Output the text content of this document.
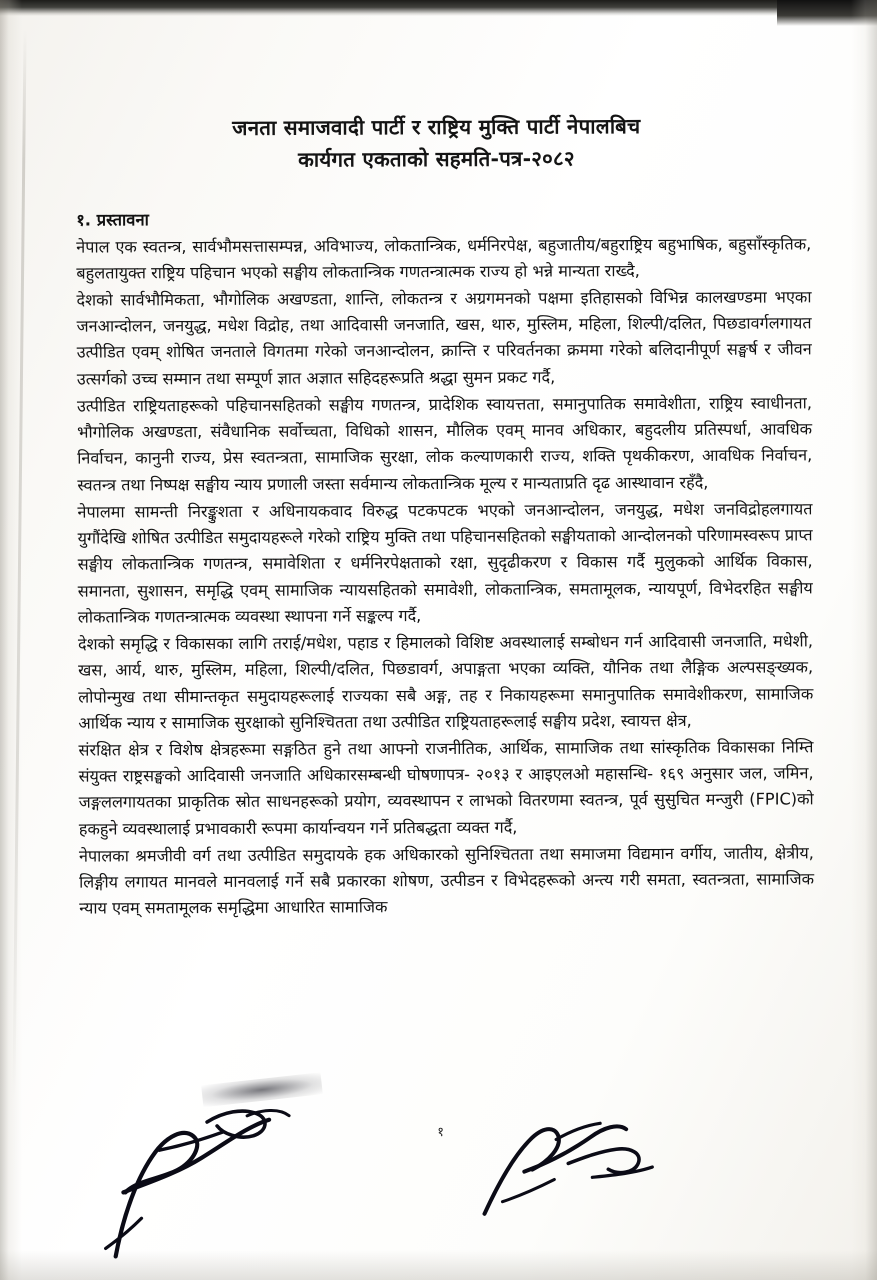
जनता समाजवादी पार्टी र राष्ट्रिय मुक्ति पार्टी नेपालबिच
कार्यगत एकताको सहमति-पत्र-२०८२
१. प्रस्तावना

नेपाल एक स्वतन्त्र, सार्वभौमसत्तासम्पन्न, अविभाज्य, लोकतान्त्रिक, धर्मनिरपेक्ष, बहुजातीय/बहुराष्ट्रिय बहुभाषिक, बहुसाँस्कृतिक, बहुलतायुक्त राष्ट्रिय पहिचान भएको सङ्घीय लोकतान्त्रिक गणतन्त्रात्मक राज्य हो भन्ने मान्यता राख्दै,

देशको सार्वभौमिकता, भौगोलिक अखण्डता, शान्ति, लोकतन्त्र र अग्रगमनको पक्षमा इतिहासको विभिन्न कालखण्डमा भएका जनआन्दोलन, जनयुद्ध, मधेश विद्रोह, तथा आदिवासी जनजाति, खस, थारु, मुस्लिम, महिला, शिल्पी/दलित, पिछडावर्गलगायत उत्पीडित एवम् शोषित जनताले विगतमा गरेको जनआन्दोलन, क्रान्ति र परिवर्तनका क्रममा गरेको बलिदानीपूर्ण सङ्घर्ष र जीवन उत्सर्गको उच्च सम्मान तथा सम्पूर्ण ज्ञात अज्ञात सहिदहरूप्रति श्रद्धा सुमन प्रकट गर्दै,

उत्पीडित राष्ट्रियताहरूको पहिचानसहितको सङ्घीय गणतन्त्र, प्रादेशिक स्वायत्तता, समानुपातिक समावेशीता, राष्ट्रिय स्वाधीनता, भौगोलिक अखण्डता, संवैधानिक सर्वोच्चता, विधिको शासन, मौलिक एवम् मानव अधिकार, बहुदलीय प्रतिस्पर्धा, आवधिक निर्वाचन, कानुनी राज्य, प्रेस स्वतन्त्रता, सामाजिक सुरक्षा, लोक कल्याणकारी राज्य, शक्ति पृथकीकरण, आवधिक निर्वाचन, स्वतन्त्र तथा निष्पक्ष सङ्घीय न्याय प्रणाली जस्ता सर्वमान्य लोकतान्त्रिक मूल्य र मान्यताप्रति दृढ आस्थावान रहँदै,

नेपालमा सामन्ती निरङ्कुशता र अधिनायकवाद विरुद्ध पटकपटक भएको जनआन्दोलन, जनयुद्ध, मधेश जनविद्रोहलगायत युगौंदेखि शोषित उत्पीडित समुदायहरूले गरेको राष्ट्रिय मुक्ति तथा पहिचानसहितको सङ्घीयताको आन्दोलनको परिणामस्वरूप प्राप्त सङ्घीय लोकतान्त्रिक गणतन्त्र, समावेशिता र धर्मनिरपेक्षताको रक्षा, सुदृढीकरण र विकास गर्दै मुलुकको आर्थिक विकास, समानता, सुशासन, समृद्धि एवम् सामाजिक न्यायसहितको समावेशी, लोकतान्त्रिक, समतामूलक, न्यायपूर्ण, विभेदरहित सङ्घीय लोकतान्त्रिक गणतन्त्रात्मक व्यवस्था स्थापना गर्ने सङ्कल्प गर्दै,

देशको समृद्धि र विकासका लागि तराई/मधेश, पहाड र हिमालको विशिष्ट अवस्थालाई सम्बोधन गर्न आदिवासी जनजाति, मधेशी, खस, आर्य, थारु, मुस्लिम, महिला, शिल्पी/दलित, पिछडावर्ग, अपाङ्गता भएका व्यक्ति, यौनिक तथा लैङ्गिक अल्पसङ्ख्यक, लोपोन्मुख तथा सीमान्तकृत समुदायहरूलाई राज्यका सबै अङ्ग, तह र निकायहरूमा समानुपातिक समावेशीकरण, सामाजिक आर्थिक न्याय र सामाजिक सुरक्षाको सुनिश्चितता तथा उत्पीडित राष्ट्रियताहरूलाई सङ्घीय प्रदेश, स्वायत्त क्षेत्र,

संरक्षित क्षेत्र र विशेष क्षेत्रहरूमा सङ्गठित हुने तथा आफ्नो राजनीतिक, आर्थिक, सामाजिक तथा सांस्कृतिक विकासका निम्ति संयुक्त राष्ट्रसङ्घको आदिवासी जनजाति अधिकारसम्बन्धी घोषणापत्र- २०१३ र आइएलओ महासन्धि- १६९ अनुसार जल, जमिन, जङ्गललगायतका प्राकृतिक स्रोत साधनहरूको प्रयोग, व्यवस्थापन र लाभको वितरणमा स्वतन्त्र, पूर्व सुसुचित मन्जुरी (FPIC)को हकहुने व्यवस्थालाई प्रभावकारी रूपमा कार्यान्वयन गर्ने प्रतिबद्धता व्यक्त गर्दै,

नेपालका श्रमजीवी वर्ग तथा उत्पीडित समुदायके हक अधिकारको सुनिश्चितता तथा समाजमा विद्यमान वर्गीय, जातीय, क्षेत्रीय, लिङ्गीय लगायत मानवले मानवलाई गर्ने सबै प्रकारका शोषण, उत्पीडन र विभेदहरूको अन्त्य गरी समता, स्वतन्त्रता, सामाजिक न्याय एवम् समतामूलक समृद्धिमा आधारित सामाजिक

१
